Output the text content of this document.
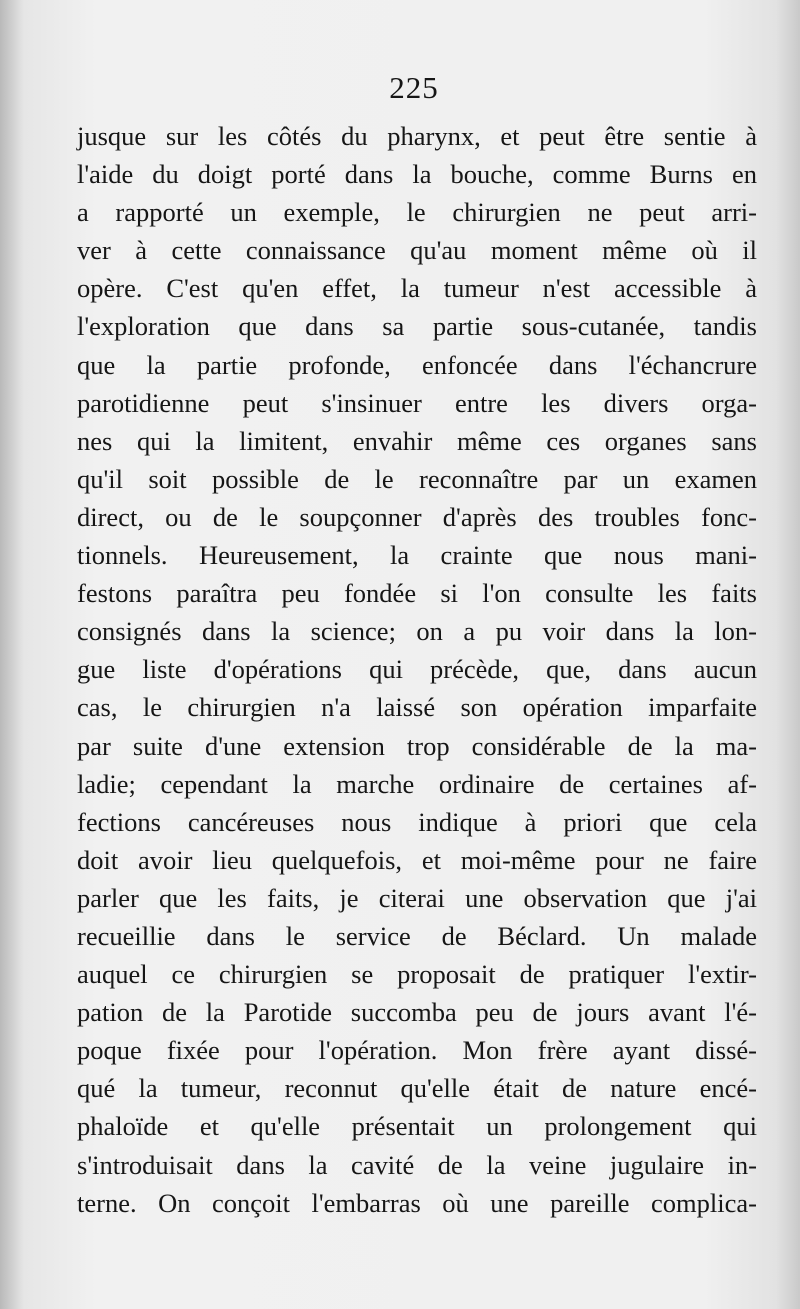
225
jusque sur les côtés du pharynx, et peut être sentie à
l'aide du doigt porté dans la bouche, comme Burns en
a rapporté un exemple, le chirurgien ne peut arri-
ver à cette connaissance qu'au moment même où il
opère. C'est qu'en effet, la tumeur n'est accessible à
l'exploration que dans sa partie sous-cutanée, tandis
que la partie profonde, enfoncée dans l'échancrure
parotidienne peut s'insinuer entre les divers orga-
nes qui la limitent, envahir même ces organes sans
qu'il soit possible de le reconnaître par un examen
direct, ou de le soupçonner d'après des troubles fonc-
tionnels. Heureusement, la crainte que nous mani-
festons paraîtra peu fondée si l'on consulte les faits
consignés dans la science; on a pu voir dans la lon-
gue liste d'opérations qui précède, que, dans aucun
cas, le chirurgien n'a laissé son opération imparfaite
par suite d'une extension trop considérable de la ma-
ladie; cependant la marche ordinaire de certaines af-
fections cancéreuses nous indique à priori que cela
doit avoir lieu quelquefois, et moi-même pour ne faire
parler que les faits, je citerai une observation que j'ai
recueillie dans le service de Béclard. Un malade
auquel ce chirurgien se proposait de pratiquer l'extir-
pation de la Parotide succomba peu de jours avant l'é-
poque fixée pour l'opération. Mon frère ayant dissé-
qué la tumeur, reconnut qu'elle était de nature encé-
phaloïde et qu'elle présentait un prolongement qui
s'introduisait dans la cavité de la veine jugulaire in-
terne. On conçoit l'embarras où une pareille complica-
